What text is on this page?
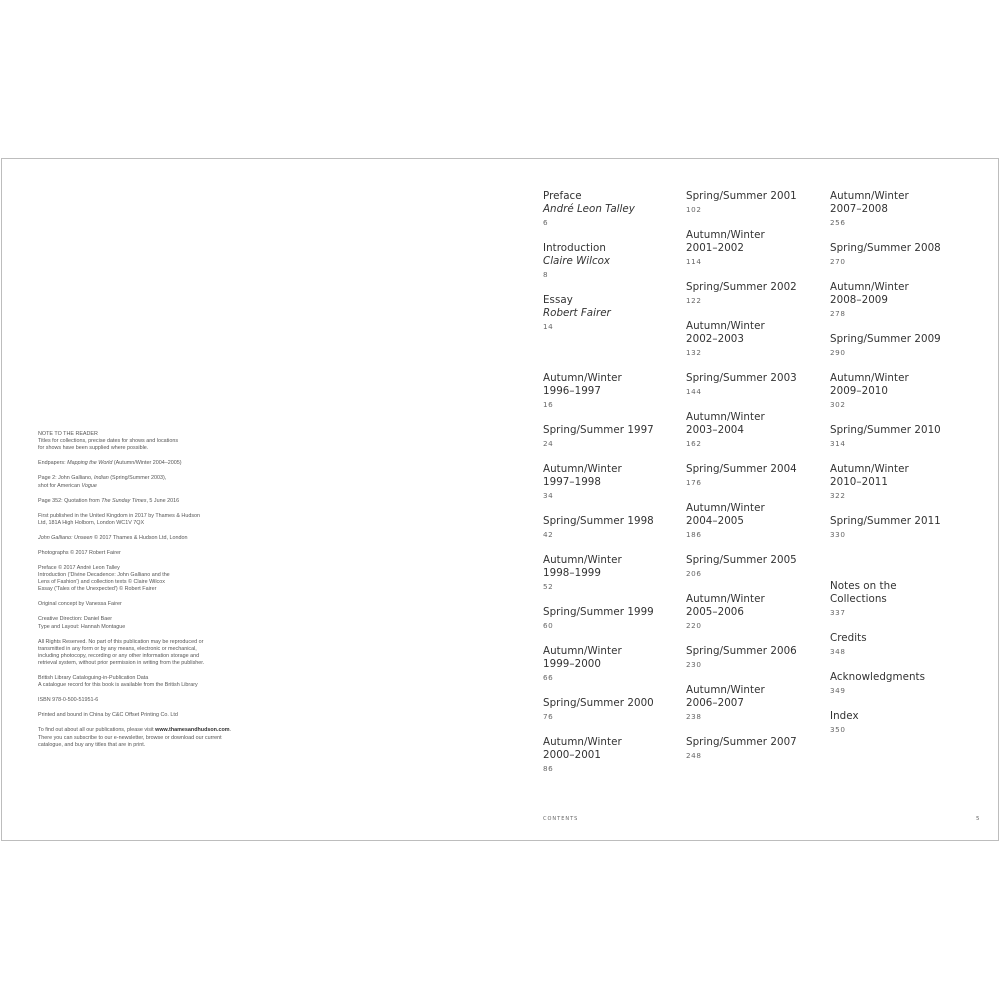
NOTE TO THE READER
Titles for collections, precise dates for shows and locations
for shows have been supplied where possible.

Endpapers: Mapping the World (Autumn/Winter 2004–2005)

Page 2: John Galliano, Indian (Spring/Summer 2003),
shot for American Vogue

Page 352: Quotation from The Sunday Times, 5 June 2016

First published in the United Kingdom in 2017 by Thames & Hudson
Ltd, 181A High Holborn, London WC1V 7QX

John Galliano: Unseen © 2017 Thames & Hudson Ltd, London

Photographs © 2017 Robert Fairer

Preface © 2017 André Leon Talley
Introduction ('Divine Decadence: John Galliano and the
Lens of Fashion') and collection texts © Claire Wilcox
Essay ('Tales of the Unexpected') © Robert Fairer

Original concept by Vanessa Fairer

Creative Direction: Daniel Baer
Type and Layout: Hannah Montague

All Rights Reserved. No part of this publication may be reproduced or
transmitted in any form or by any means, electronic or mechanical,
including photocopy, recording or any other information storage and
retrieval system, without prior permission in writing from the publisher.

British Library Cataloguing-in-Publication Data
A catalogue record for this book is available from the British Library

ISBN 978-0-500-51951-6

Printed and bound in China by C&C Offset Printing Co. Ltd

To find out about all our publications, please visit www.thamesandhudson.com.
There you can subscribe to our e-newsletter, browse or download our current
catalogue, and buy any titles that are in print.

Preface
André Leon Talley
6
Introduction
Claire Wilcox
8
Essay
Robert Fairer
14
Autumn/Winter
1996–1997
16
Spring/Summer 1997
24
Autumn/Winter
1997–1998
34
Spring/Summer 1998
42
Autumn/Winter
1998–1999
52
Spring/Summer 1999
60
Autumn/Winter
1999–2000
66
Spring/Summer 2000
76
Autumn/Winter
2000–2001
86
Spring/Summer 2001
102
Autumn/Winter
2001–2002
114
Spring/Summer 2002
122
Autumn/Winter
2002–2003
132
Spring/Summer 2003
144
Autumn/Winter
2003–2004
162
Spring/Summer 2004
176
Autumn/Winter
2004–2005
186
Spring/Summer 2005
206
Autumn/Winter
2005–2006
220
Spring/Summer 2006
230
Autumn/Winter
2006–2007
238
Spring/Summer 2007
248
Autumn/Winter
2007–2008
256
Spring/Summer 2008
270
Autumn/Winter
2008–2009
278
Spring/Summer 2009
290
Autumn/Winter
2009–2010
302
Spring/Summer 2010
314
Autumn/Winter
2010–2011
322
Spring/Summer 2011
330
Notes on the
Collections
337
Credits
348
Acknowledgments
349
Index
350
CONTENTS	5
